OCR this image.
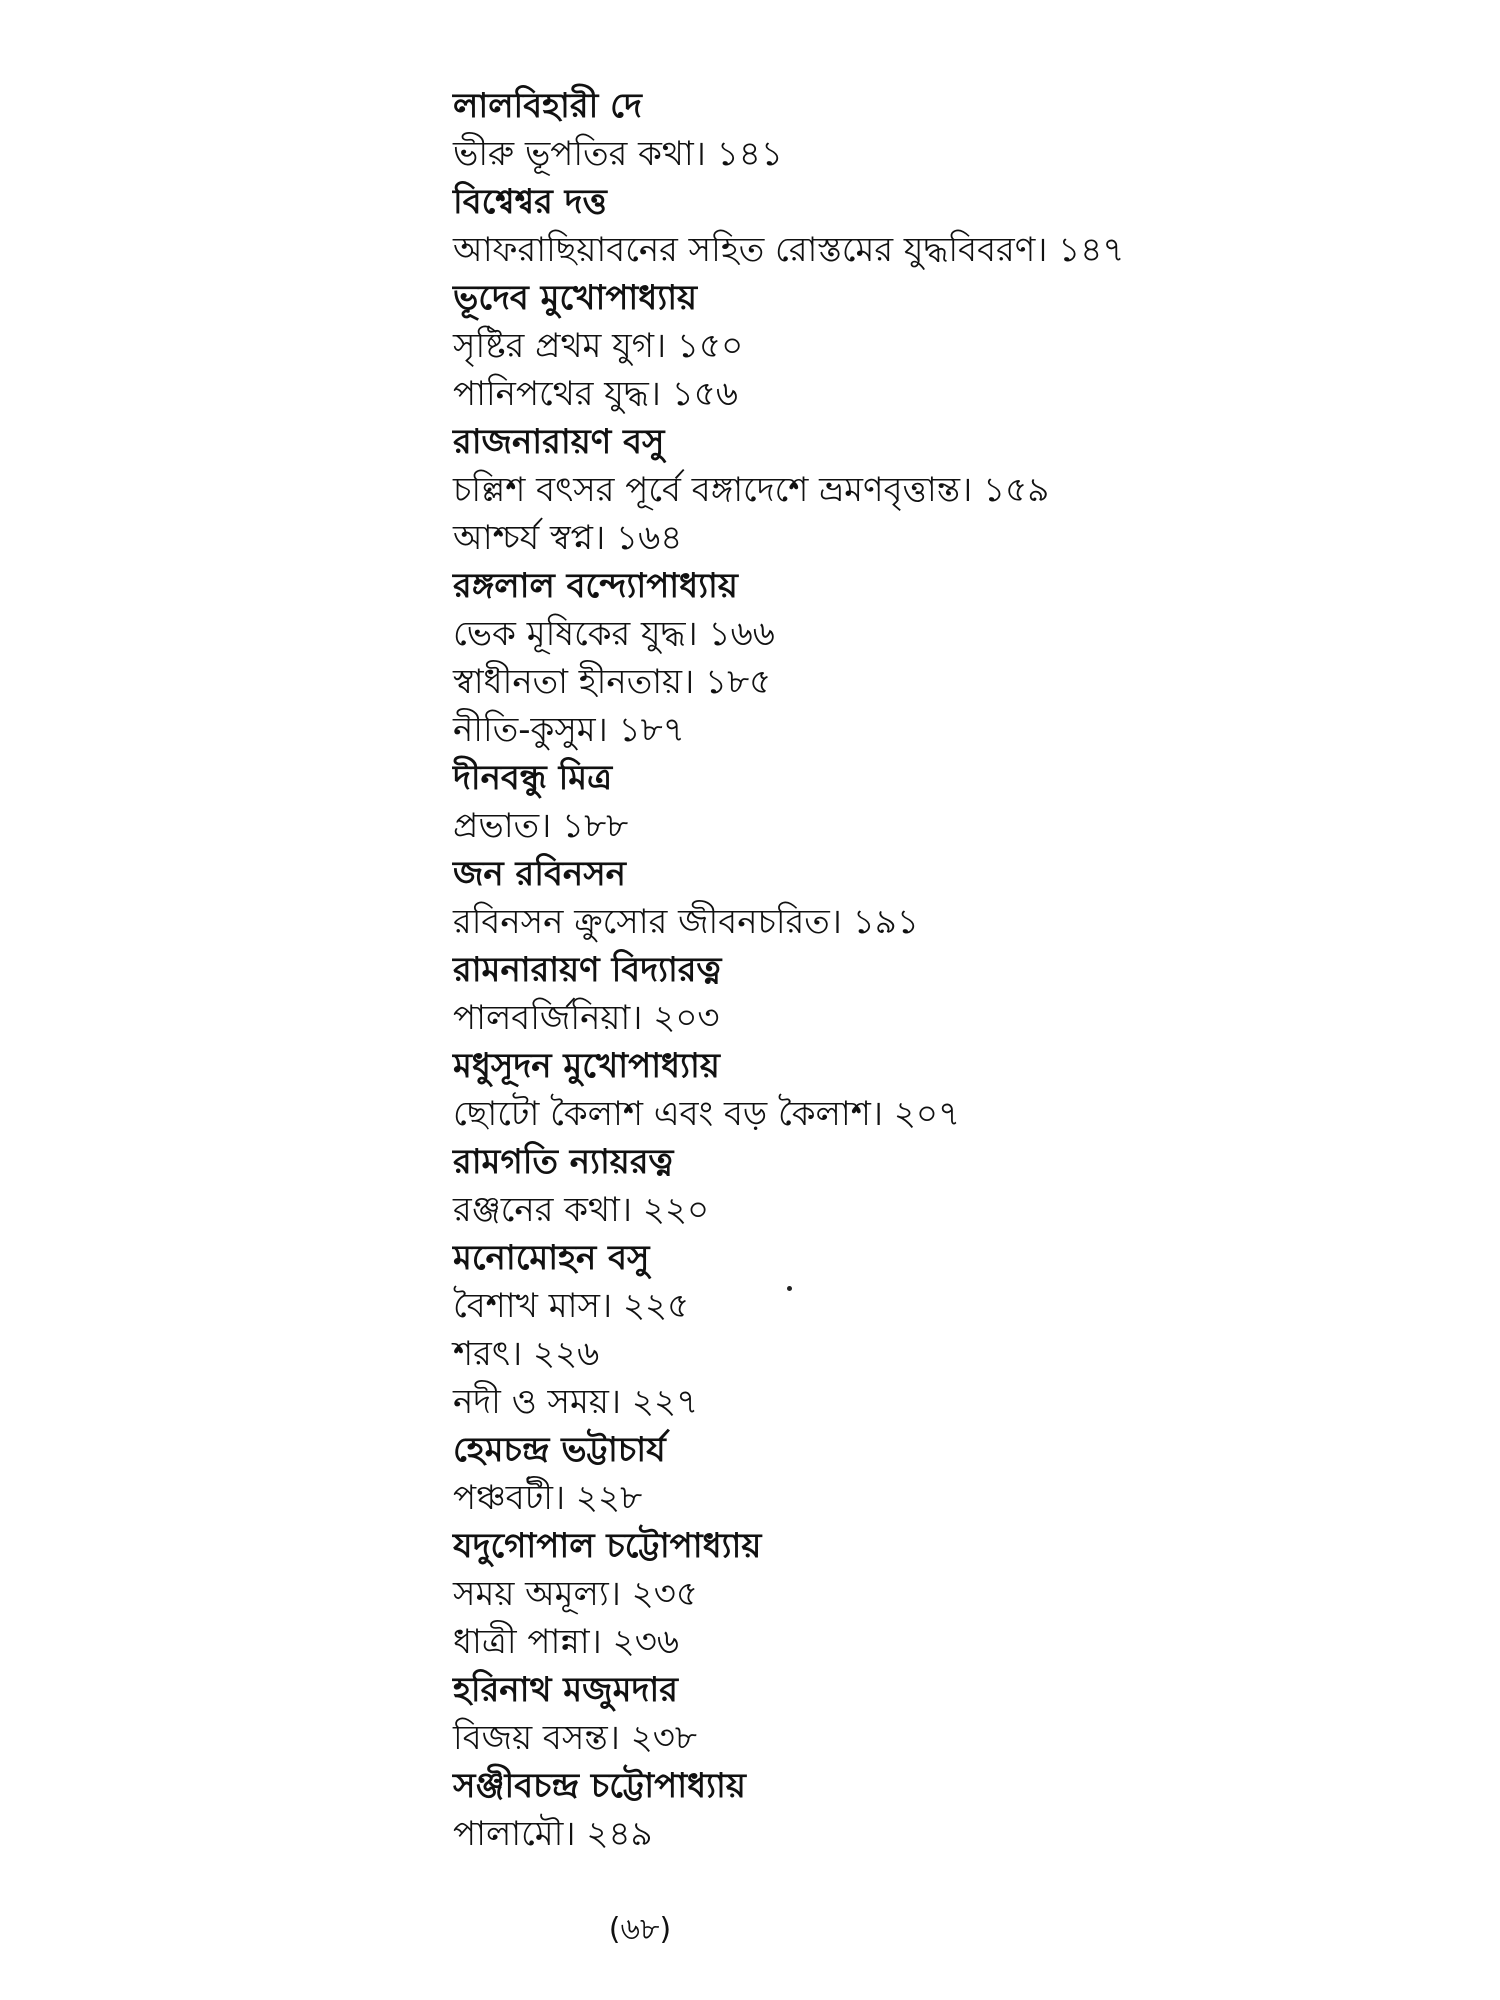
লালবিহারী দে
ভীরু ভূপতির কথা। ১৪১
বিশ্বেশ্বর দত্ত
আফরাছিয়াবনের সহিত রোস্তমের যুদ্ধবিবরণ। ১৪৭
ভূদেব মুখোপাধ্যায়
সৃষ্টির প্রথম যুগ। ১৫০
পানিপথের যুদ্ধ। ১৫৬
রাজনারায়ণ বসু
চল্লিশ বৎসর পূর্বে বঙ্গাদেশে ভ্রমণবৃত্তান্ত। ১৫৯
আশ্চর্য স্বপ্ন। ১৬৪
রঙ্গলাল বন্দ্যোপাধ্যায়
ভেক মূষিকের যুদ্ধ। ১৬৬
স্বাধীনতা হীনতায়। ১৮৫
নীতি-কুসুম। ১৮৭
দীনবন্ধু মিত্র
প্রভাত। ১৮৮
জন রবিনসন
রবিনসন ক্রুসোর জীবনচরিত। ১৯১
রামনারায়ণ বিদ্যারত্ন
পালবর্জিনিয়া। ২০৩
মধুসূদন মুখোপাধ্যায়
ছোটো কৈলাশ এবং বড় কৈলাশ। ২০৭
রামগতি ন্যায়রত্ন
রঞ্জনের কথা। ২২০
মনোমোহন বসু
বৈশাখ মাস। ২২৫
শরৎ। ২২৬
নদী ও সময়। ২২৭
হেমচন্দ্র ভট্টাচার্য
পঞ্চবটী। ২২৮
যদুগোপাল চট্টোপাধ্যায়
সময় অমূল্য। ২৩৫
ধাত্রী পান্না। ২৩৬
হরিনাথ মজুমদার
বিজয় বসন্ত। ২৩৮
সঞ্জীবচন্দ্র চট্টোপাধ্যায়
পালামৌ। ২৪৯
(৬৮)
